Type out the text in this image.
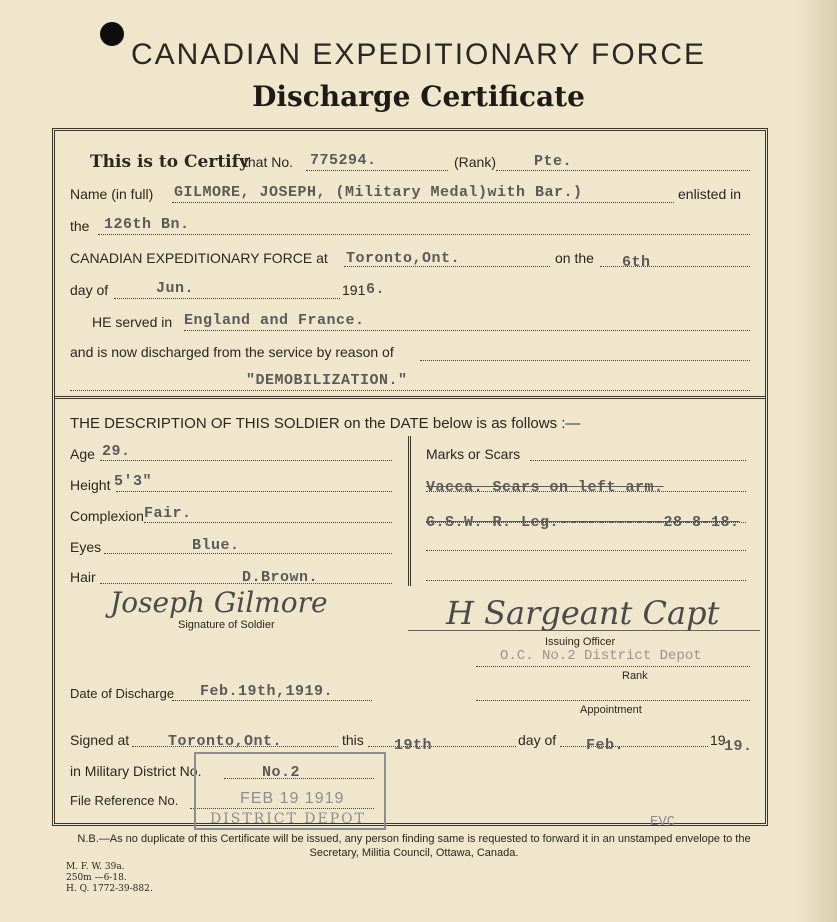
CANADIAN EXPEDITIONARY FORCE
Discharge Certificate
This is to Certify
that No. 775294.	(Rank)	Pte.
Name (in full) GILMORE, JOSEPH, (Military Medal)with Bar.)	enlisted in
the 126th Bn.
CANADIAN EXPEDITIONARY FORCE at Toronto,Ont.	on the 6th
day of	Jun.	191 6.
HE served in England and France.
and is now discharged from the service by reason of
"DEMOBILIZATION."
THE DESCRIPTION OF THIS SOLDIER on the DATE below is as follows :—
Age 29.
Height 5'3"
Complexion Fair.
Eyes	Blue.
Hair	D.Brown.
Marks or Scars
Vacca. Scars on left arm.
G.S.W. R. Leg.-----------28-8-18.
Joseph Gilmore
Signature of Soldier	H Sargeant Capt
Issuing Officer
O.C. No.2 District Depot
Rank
Appointment
Date of Discharge Feb.19th,1919.
Signed at	Toronto,Ont.	this 19th	day of Feb.	19
19.
in Military District No.	No.2
File Reference No.	FEB 19 1919
DISTRICT DEPOT	EVC
N.B.—As no duplicate of this Certificate will be issued, any person finding same is requested to forward it in an unstamped envelope to the Secretary, Militia Council, Ottawa, Canada.
M. F. W. 39a.
250m —6-18.
H. Q. 1772-39-882.
